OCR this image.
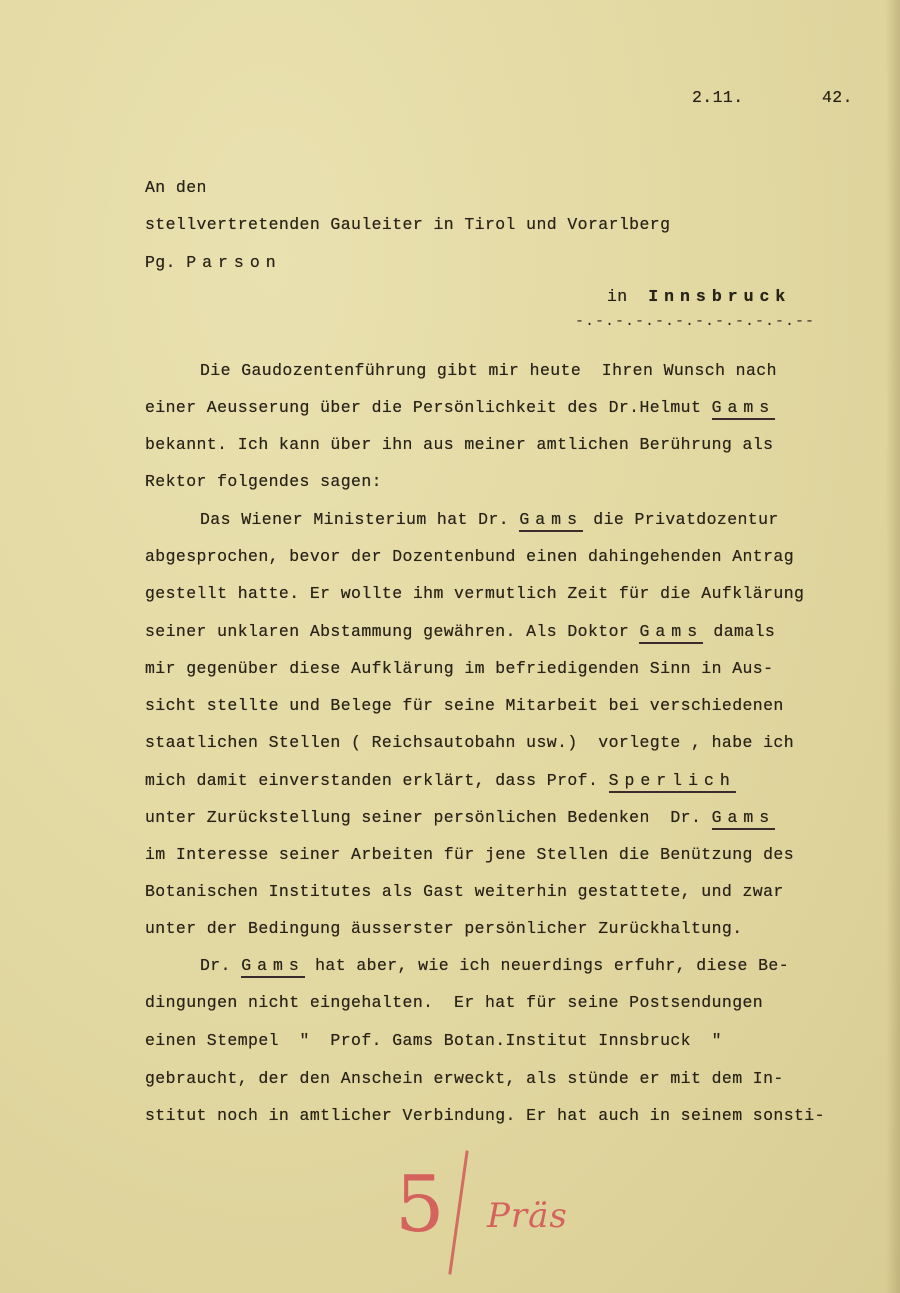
2.11.	42.
An den
stellvertretenden Gauleiter in Tirol und Vorarlberg
Pg. Parson
in Innsbruck
-.-.-.-.-.-.-.-.-.-.-.--
Die Gaudozentenführung gibt mir heute  Ihren Wunsch nach
einer Aeusserung über die Persönlichkeit des Dr.Helmut Gams
bekannt. Ich kann über ihn aus meiner amtlichen Berührung als
Rektor folgendes sagen:
Das Wiener Ministerium hat Dr. Gams die Privatdozentur
abgesprochen, bevor der Dozentenbund einen dahingehenden Antrag
gestellt hatte. Er wollte ihm vermutlich Zeit für die Aufklärung
seiner unklaren Abstammung gewähren. Als Doktor Gams damals
mir gegenüber diese Aufklärung im befriedigenden Sinn in Aus-
sicht stellte und Belege für seine Mitarbeit bei verschiedenen
staatlichen Stellen ( Reichsautobahn usw.)  vorlegte , habe ich
mich damit einverstanden erklärt, dass Prof. Sperlich
unter Zurückstellung seiner persönlichen Bedenken  Dr. Gams
im Interesse seiner Arbeiten für jene Stellen die Benützung des
Botanischen Institutes als Gast weiterhin gestattete, und zwar
unter der Bedingung äusserster persönlicher Zurückhaltung.
Dr. Gams hat aber, wie ich neuerdings erfuhr, diese Be-
dingungen nicht eingehalten.  Er hat für seine Postsendungen
einen Stempel  "  Prof. Gams Botan.Institut Innsbruck  "
gebraucht, der den Anschein erweckt, als stünde er mit dem In-
stitut noch in amtlicher Verbindung. Er hat auch in seinem sonsti-
5 Präs
